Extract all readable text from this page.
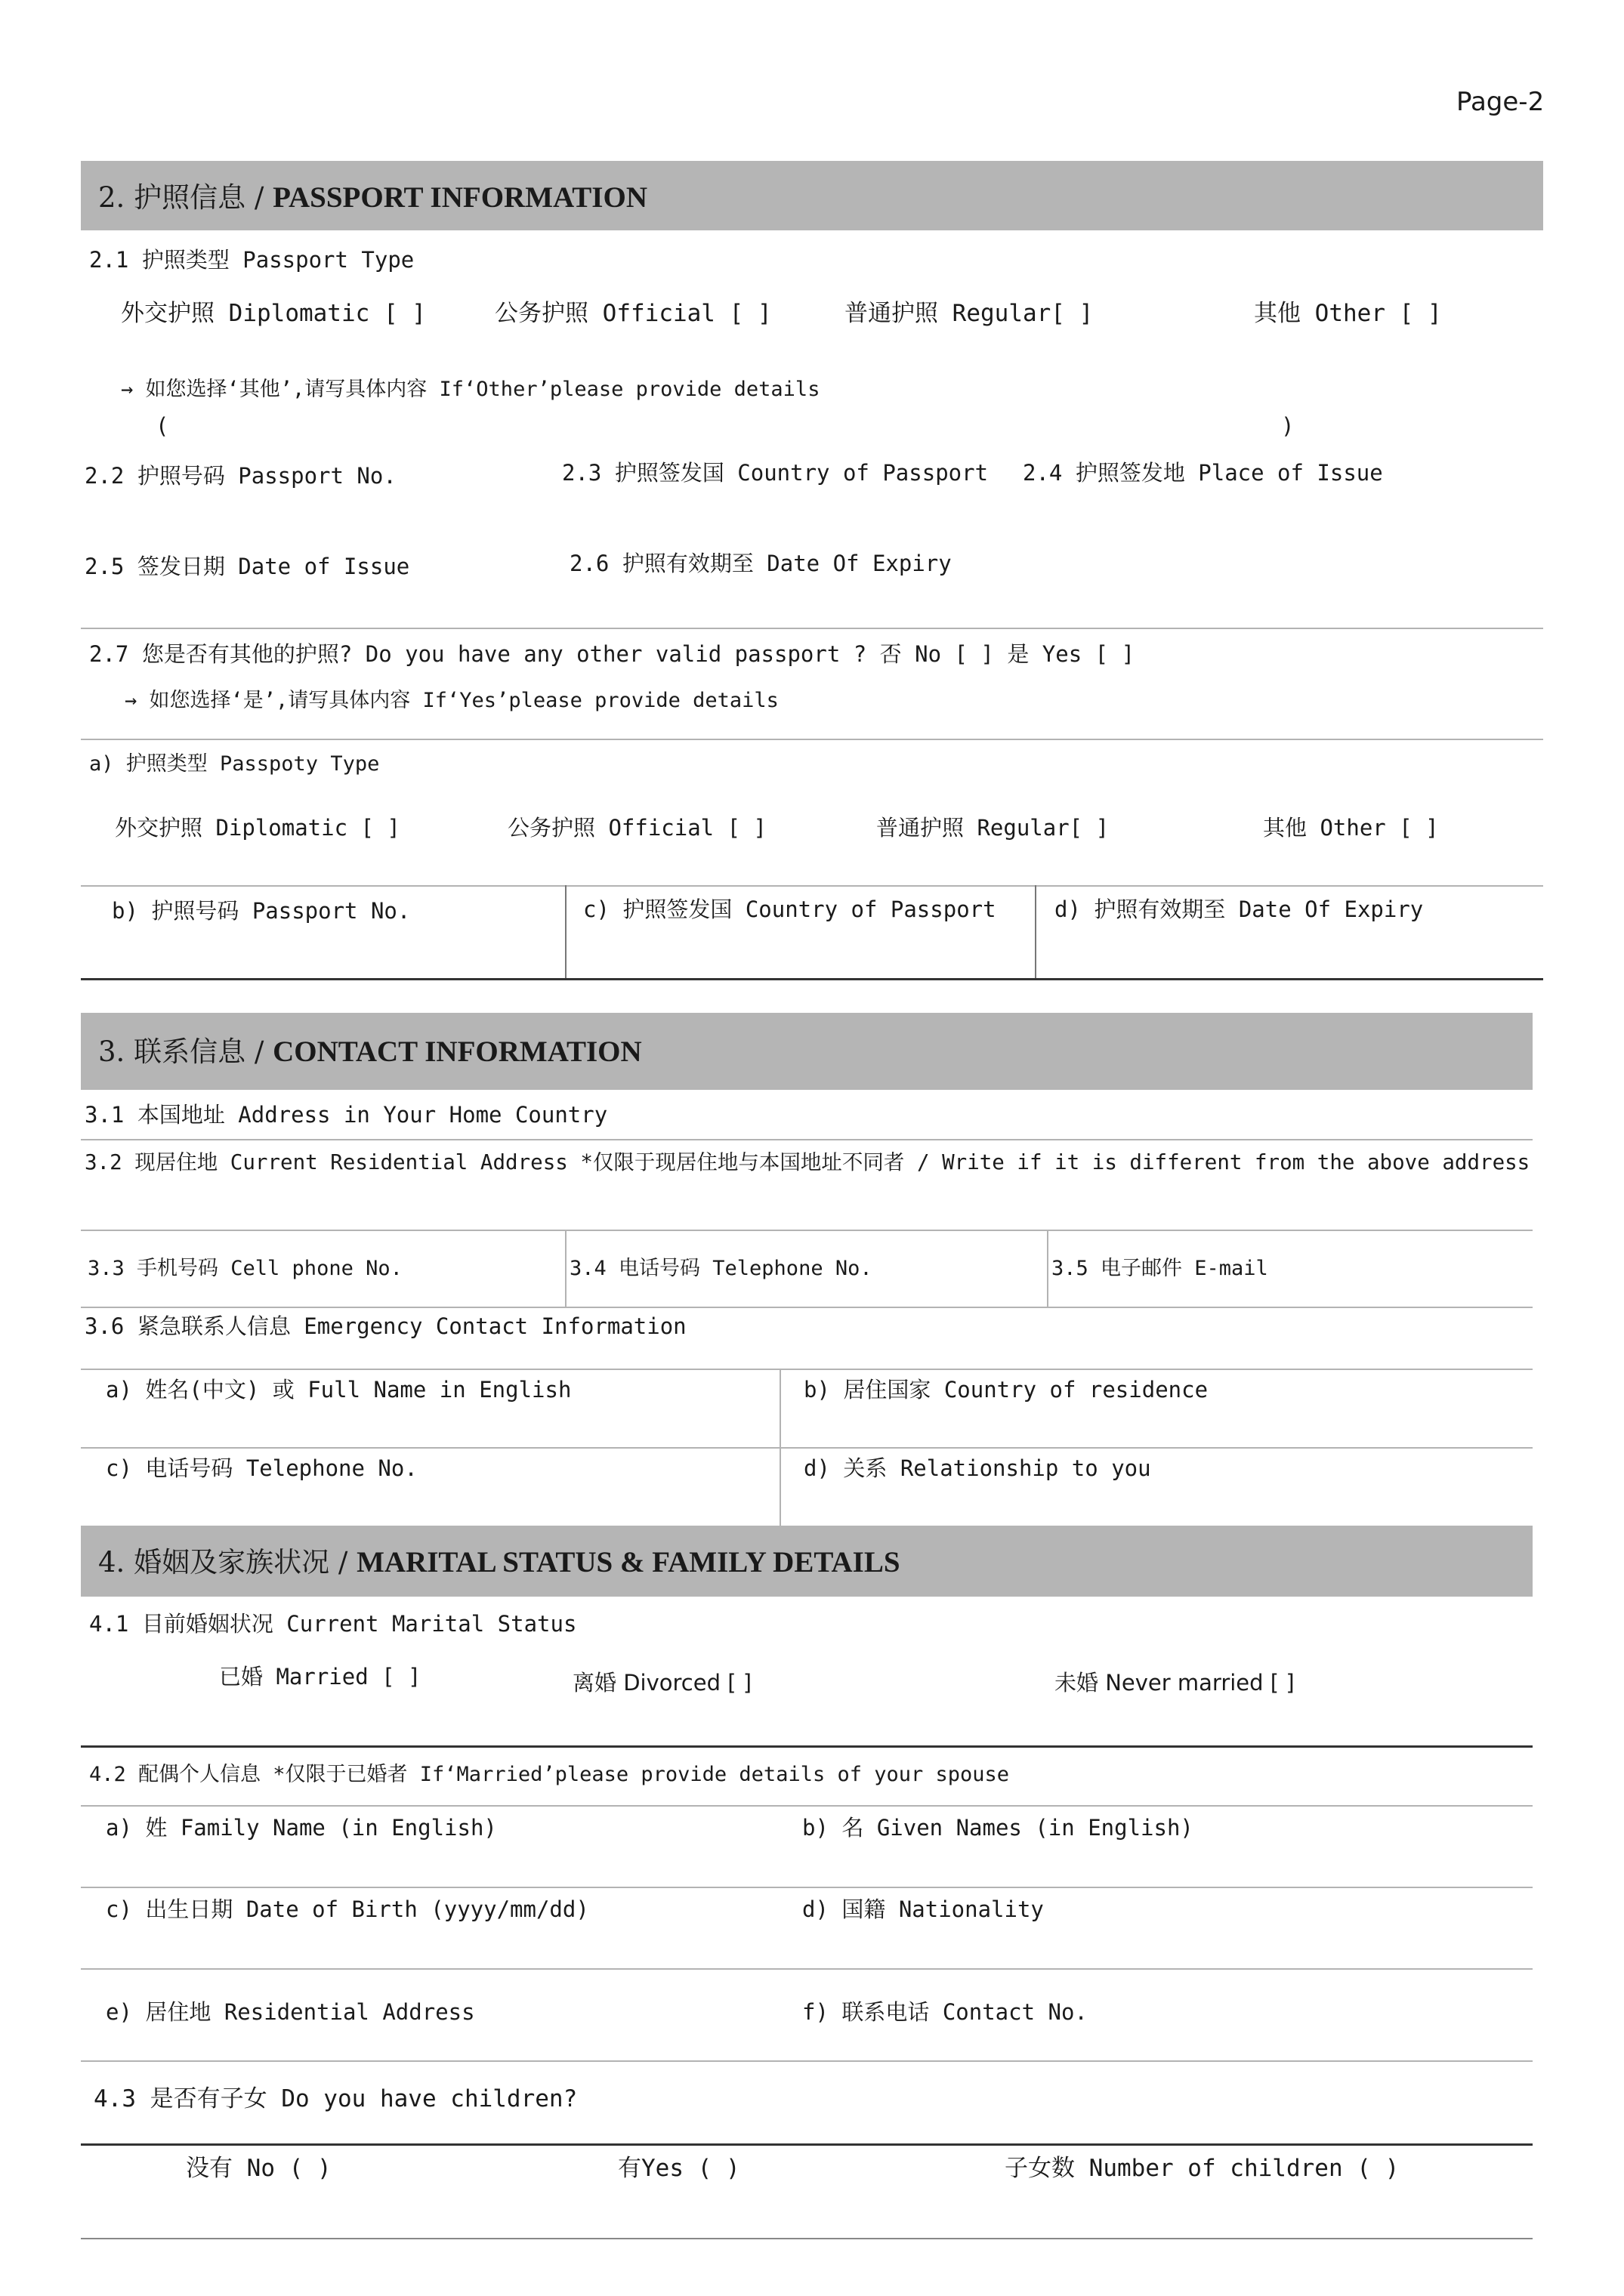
Page-2
2. 护照信息 / PASSPORT INFORMATION
2.1 护照类型 Passport Type
外交护照 Diplomatic [ ]	公务护照 Official [ ]	普通护照 Regular[ ]	其他 Other [ ]
→ 如您选择‘其他’,请写具体内容 If‘Other’please provide details
(	)
2.2 护照号码 Passport No.	2.3 护照签发国 Country of Passport 2.4 护照签发地 Place of Issue
2.5 签发日期 Date of Issue	2.6 护照有效期至 Date Of Expiry
2.7 您是否有其他的护照? Do you have any other valid passport ? 否 No [ ] 是 Yes [ ]
→ 如您选择‘是’,请写具体内容 If‘Yes’please provide details
a) 护照类型 Passpoty Type
外交护照 Diplomatic [ ]	公务护照 Official [ ]	普通护照 Regular[ ]	其他 Other [ ]
b) 护照号码 Passport No.	c) 护照签发国 Country of Passport	d) 护照有效期至 Date Of Expiry
3. 联系信息 / CONTACT INFORMATION
3.1 本国地址 Address in Your Home Country
3.2 现居住地 Current Residential Address *仅限于现居住地与本国地址不同者 / Write if it is different from the above address
3.3 手机号码 Cell phone No.	3.4 电话号码 Telephone No.	3.5 电子邮件 E-mail
3.6 紧急联系人信息 Emergency Contact Information
a) 姓名(中文) 或 Full Name in English	b) 居住国家 Country of residence
c) 电话号码 Telephone No.	d) 关系 Relationship to you
4. 婚姻及家族状况 / MARITAL STATUS & FAMILY DETAILS
4.1 目前婚姻状况 Current Marital Status
已婚 Married [ ]	离婚 Divorced [ ]	未婚 Never married [ ]
4.2 配偶个人信息 *仅限于已婚者 If‘Married’please provide details of your spouse
a) 姓 Family Name (in English)	b) 名 Given Names (in English)
c) 出生日期 Date of Birth (yyyy/mm/dd)	d) 国籍 Nationality
e) 居住地 Residential Address	f) 联系电话 Contact No.
4.3 是否有子女 Do you have children?
没有 No ( )	有Yes ( )	子女数 Number of children ( )
